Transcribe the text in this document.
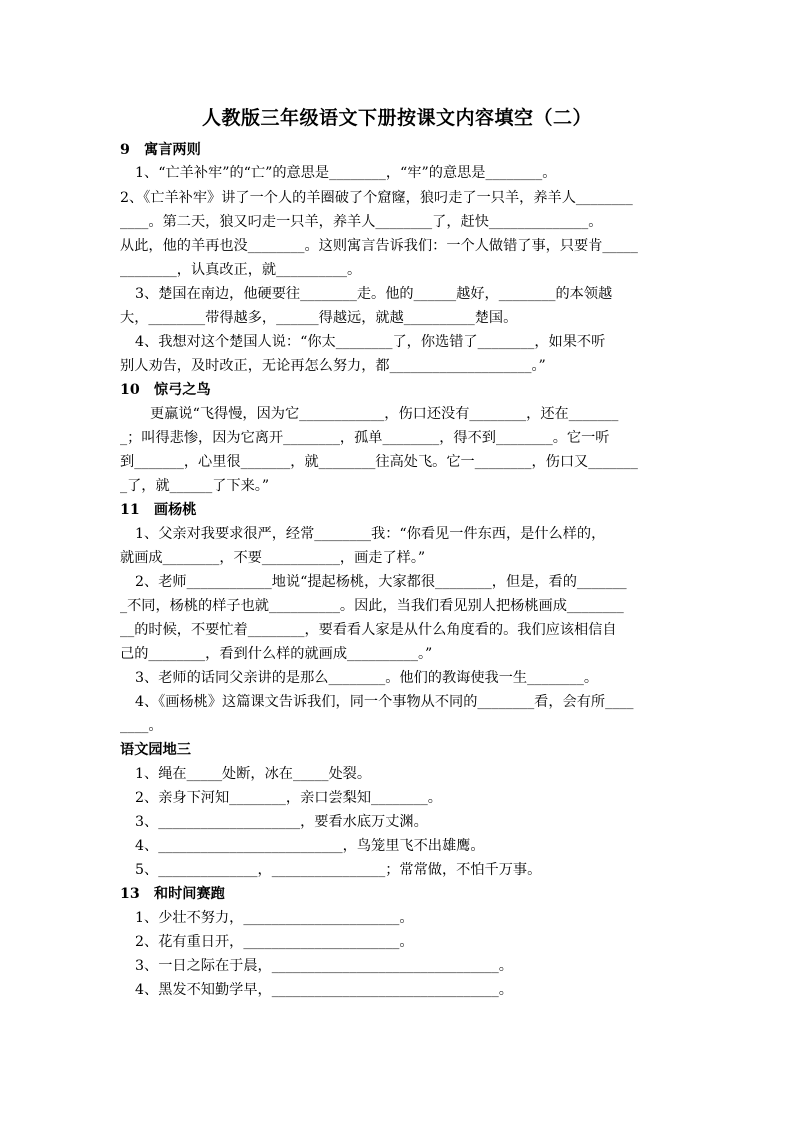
人教版三年级语文下册按课文内容填空（二）
9　寓言两则
1、“亡羊补牢”的“亡”的意思是________，“牢”的意思是________。
2、《亡羊补牢》讲了一个人的羊圈破了个窟窿，狼叼走了一只羊，养羊人________
____。第二天，狼又叼走一只羊，养羊人________了，赶快______________。
从此，他的羊再也没________。这则寓言告诉我们：一个人做错了事，只要肯_____
________，认真改正，就__________。
3、楚国在南边，他硬要往________走。他的______越好，________的本领越
大，________带得越多，______得越远，就越__________楚国。
4、我想对这个楚国人说：“你太________了，你选错了________，如果不听
别人劝告，及时改正，无论再怎么努力，都____________________。”
10　惊弓之鸟
更羸说“飞得慢，因为它____________，伤口还没有________，还在_______
_；叫得悲惨，因为它离开________，孤单________，得不到________。它一听
到_______，心里很_______，就________往高处飞。它一________，伤口又_______
_了，就______了下来。”
11　画杨桃
1、父亲对我要求很严，经常________我：“你看见一件东西，是什么样的，
就画成________，不要___________，画走了样。”
2、老师____________地说“提起杨桃，大家都很________，但是，看的_______
_不同，杨桃的样子也就__________。因此，当我们看见别人把杨桃画成________
__的时候，不要忙着________，要看看人家是从什么角度看的。我们应该相信自
己的________，看到什么样的就画成__________。”
3、老师的话同父亲讲的是那么________。他们的教诲使我一生________。
4、《画杨桃》这篇课文告诉我们，同一个事物从不同的________看，会有所____
____。
语文园地三
1、绳在_____处断，冰在_____处裂。
2、亲身下河知________，亲口尝梨知________。
3、____________________，要看水底万丈渊。
4、__________________________，鸟笼里飞不出雄鹰。
5、______________，________________；常常做，不怕千万事。
13　和时间赛跑
1、少壮不努力，______________________。
2、花有重日开，______________________。
3、一日之际在于晨，________________________________。
4、黑发不知勤学早，________________________________。
